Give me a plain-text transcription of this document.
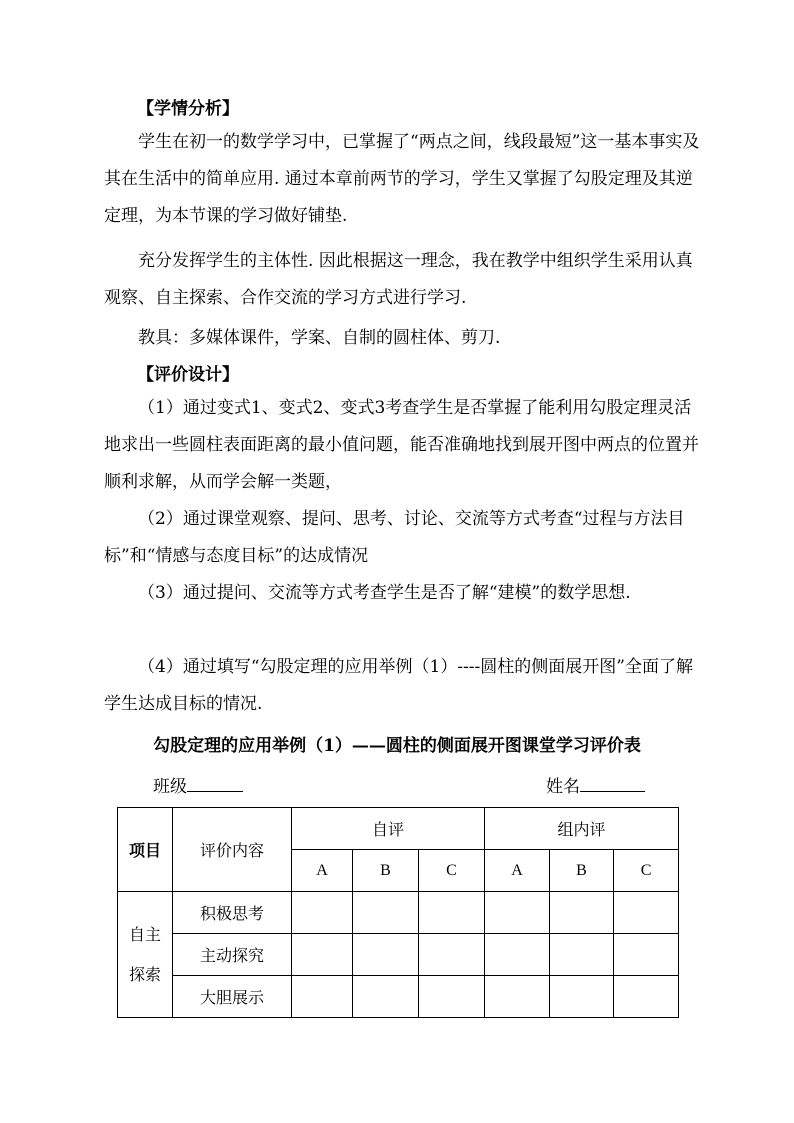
【学情分析】

学生在初一的数学学习中，已掌握了“两点之间，线段最短”这一基本事实及其在生活中的简单应用. 通过本章前两节的学习，学生又掌握了勾股定理及其逆定理，为本节课的学习做好铺垫.

充分发挥学生的主体性. 因此根据这一理念，我在教学中组织学生采用认真观察、自主探索、合作交流的学习方式进行学习.

教具：多媒体课件，学案、自制的圆柱体、剪刀.

【评价设计】

（1）通过变式1、变式2、变式3考查学生是否掌握了能利用勾股定理灵活地求出一些圆柱表面距离的最小值问题，能否准确地找到展开图中两点的位置并顺利求解，从而学会解一类题，

（2）通过课堂观察、提问、思考、讨论、交流等方式考查“过程与方法目标”和“情感与态度目标”的达成情况

（3）通过提问、交流等方式考查学生是否了解“建模”的数学思想.

（4）通过填写“勾股定理的应用举例（1）----圆柱的侧面展开图”全面了解学生达成目标的情况.

勾股定理的应用举例（1）——圆柱的侧面展开图课堂学习评价表
班级	姓名
项目	评价内容	自评			组内评		
		A	B	C	A	B	C
自主探索	积极思考						
	主动探究						
	大胆展示						
